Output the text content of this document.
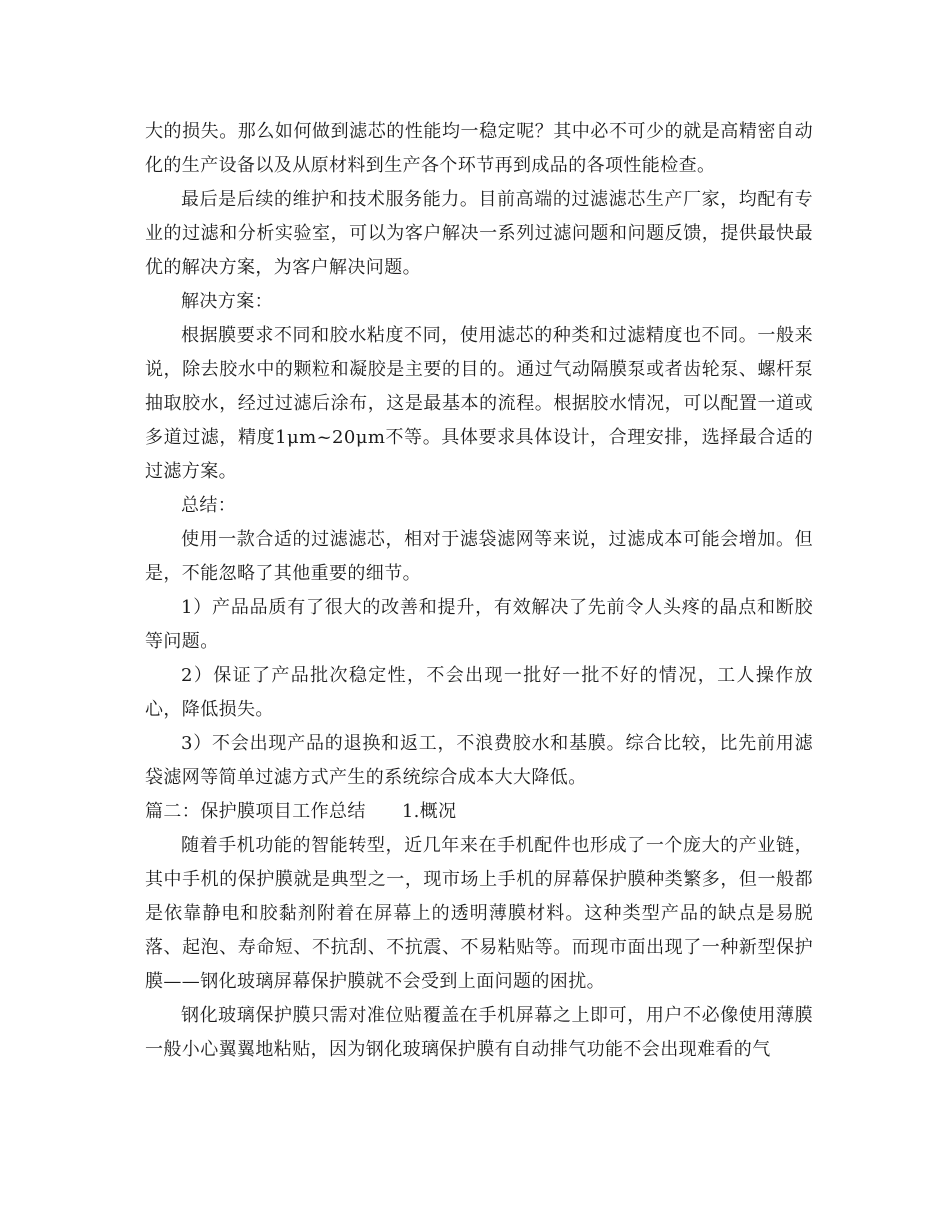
大的损失。那么如何做到滤芯的性能均一稳定呢？其中必不可少的就是高精密自动化的生产设备以及从原材料到生产各个环节再到成品的各项性能检查。

最后是后续的维护和技术服务能力。目前高端的过滤滤芯生产厂家，均配有专业的过滤和分析实验室，可以为客户解决一系列过滤问题和问题反馈，提供最快最优的解决方案，为客户解决问题。

解决方案：

根据膜要求不同和胶水粘度不同，使用滤芯的种类和过滤精度也不同。一般来说，除去胶水中的颗粒和凝胶是主要的目的。通过气动隔膜泵或者齿轮泵、螺杆泵抽取胶水，经过过滤后涂布，这是最基本的流程。根据胶水情况，可以配置一道或多道过滤，精度1μm~20μm不等。具体要求具体设计，合理安排，选择最合适的过滤方案。

总结：

使用一款合适的过滤滤芯，相对于滤袋滤网等来说，过滤成本可能会增加。但是，不能忽略了其他重要的细节。

1）产品品质有了很大的改善和提升，有效解决了先前令人头疼的晶点和断胶等问题。

2）保证了产品批次稳定性，不会出现一批好一批不好的情况，工人操作放心，降低损失。

3）不会出现产品的退换和返工，不浪费胶水和基膜。综合比较，比先前用滤袋滤网等简单过滤方式产生的系统综合成本大大降低。

篇二：保护膜项目工作总结 1.概况

随着手机功能的智能转型，近几年来在手机配件也形成了一个庞大的产业链，其中手机的保护膜就是典型之一，现市场上手机的屏幕保护膜种类繁多，但一般都是依靠静电和胶黏剂附着在屏幕上的透明薄膜材料。这种类型产品的缺点是易脱落、起泡、寿命短、不抗刮、不抗震、不易粘贴等。而现市面出现了一种新型保护膜——钢化玻璃屏幕保护膜就不会受到上面问题的困扰。

钢化玻璃保护膜只需对准位贴覆盖在手机屏幕之上即可，用户不必像使用薄膜一般小心翼翼地粘贴，因为钢化玻璃保护膜有自动排气功能不会出现难看的气
